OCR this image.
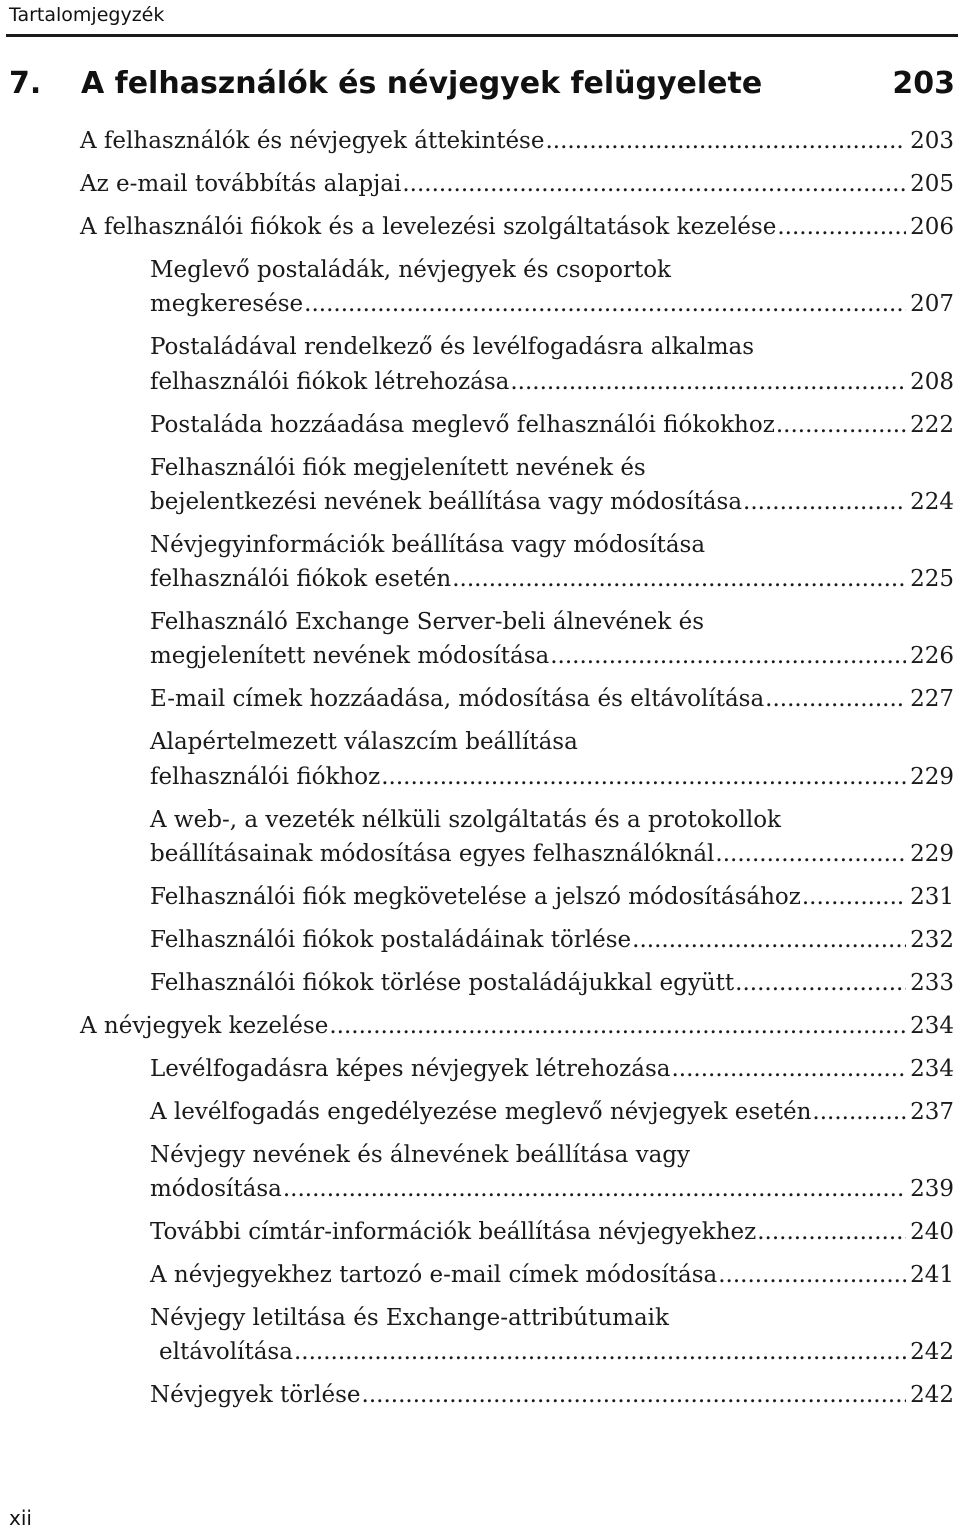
Tartalomjegyzék
7. A felhasználók és névjegyek felügyelete	203
A felhasználók és névjegyek áttekintése .....	203
Az e-mail továbbítás alapjai .....	205
A felhasználói fiókok és a levelezési szolgáltatások kezelése .....	206
Meglevő postaládák, névjegyek és csoportok
megkeresése .....	207
Postaládával rendelkező és levélfogadásra alkalmas
felhasználói fiókok létrehozása .....	208
Postaláda hozzáadása meglevő felhasználói fiókokhoz .....	222
Felhasználói fiók megjelenített nevének és
bejelentkezési nevének beállítása vagy módosítása .....	224
Névjegyinformációk beállítása vagy módosítása
felhasználói fiókok esetén .....	225
Felhasználó Exchange Server-beli álnevének és
megjelenített nevének módosítása .....	226
E-mail címek hozzáadása, módosítása és eltávolítása .....	227
Alapértelmezett válaszcím beállítása
felhasználói fiókhoz .....	229
A web-, a vezeték nélküli szolgáltatás és a protokollok
beállításainak módosítása egyes felhasználóknál .....	229
Felhasználói fiók megkövetelése a jelszó módosításához .....	231
Felhasználói fiókok postaládáinak törlése .....	232
Felhasználói fiókok törlése postaládájukkal együtt .....	233
A névjegyek kezelése .....	234
Levélfogadásra képes névjegyek létrehozása .....	234
A levélfogadás engedélyezése meglevő névjegyek esetén .....	237
Névjegy nevének és álnevének beállítása vagy
módosítása .....	239
További címtár-információk beállítása névjegyekhez .....	240
A névjegyekhez tartozó e-mail címek módosítása .....	241
Névjegy letiltása és Exchange-attribútumaik
eltávolítása .....	242
Névjegyek törlése .....	242
xii
